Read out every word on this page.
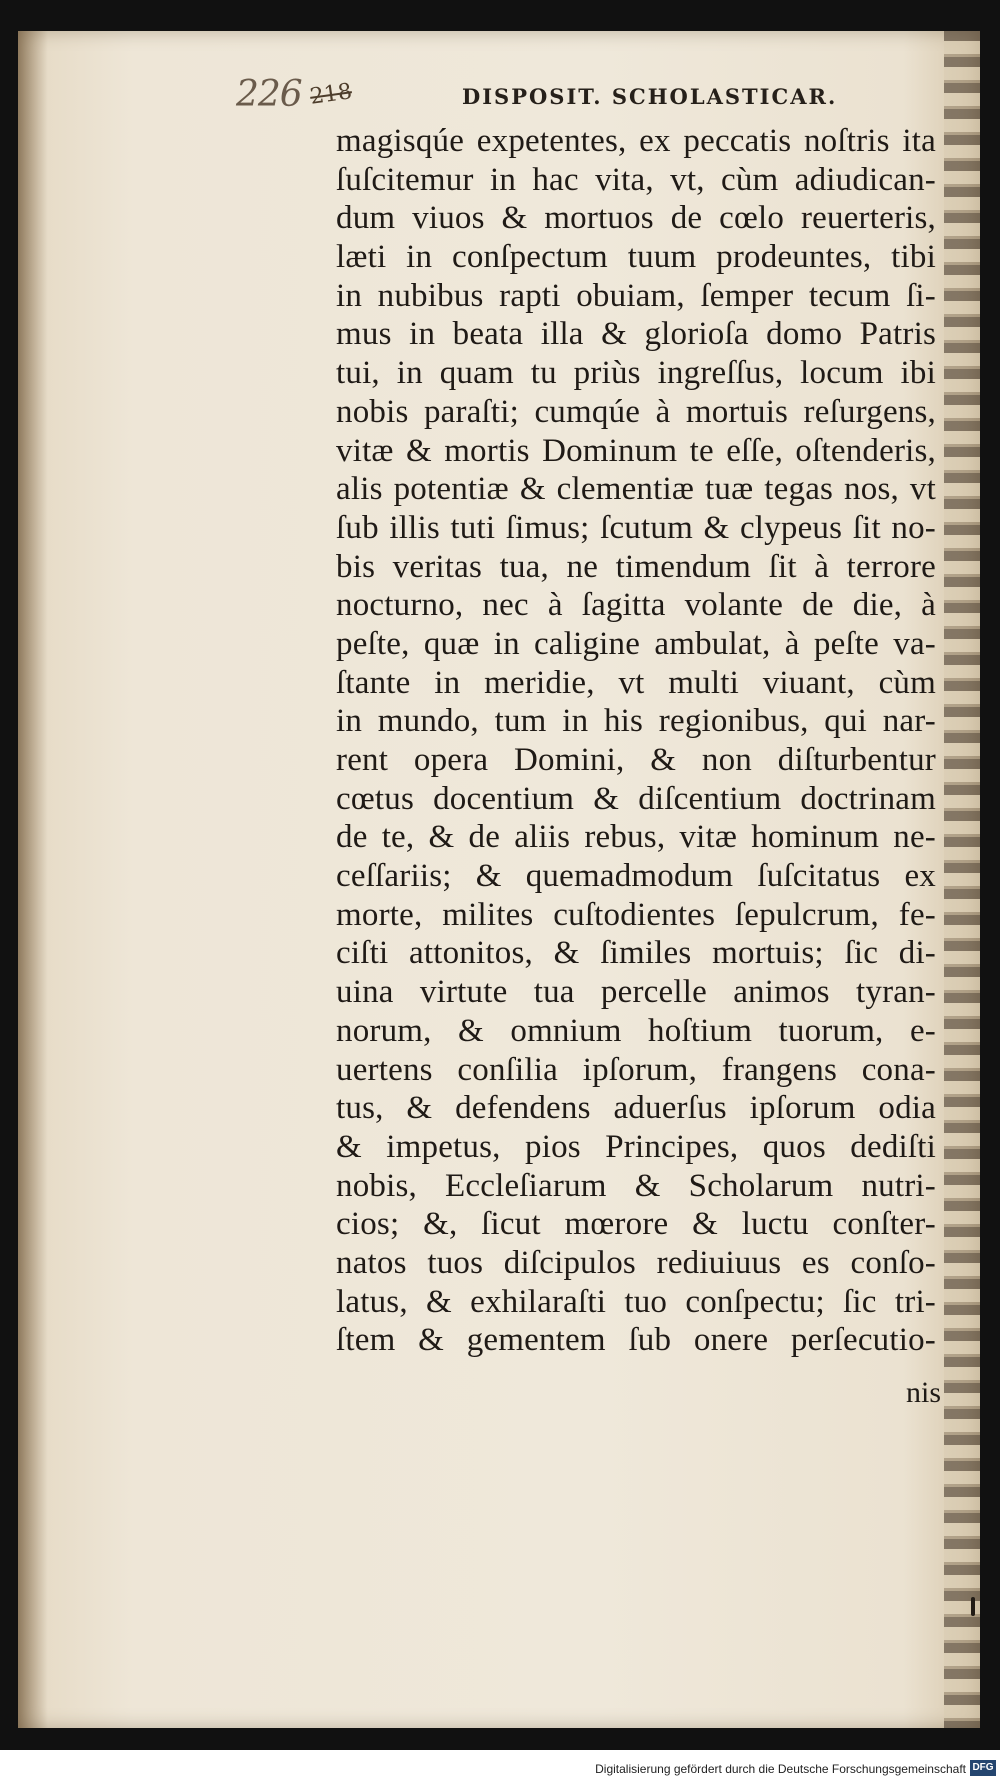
226 218	DISPOSIT. SCHOLASTICAR.
magisqúe expetentes, ex peccatis noſtris ita
ſuſcitemur in hac vita, vt, cùm adiudican-
dum viuos & mortuos de cœlo reuerteris,
læti in conſpectum tuum prodeuntes, tibi
in nubibus rapti obuiam, ſemper tecum ſi-
mus in beata illa & glorioſa domo Patris
tui, in quam tu priùs ingreſſus, locum ibi
nobis paraſti; cumqúe à mortuis reſurgens,
vitæ & mortis Dominum te eſſe, oſtenderis,
alis potentiæ & clementiæ tuæ tegas nos, vt
ſub illis tuti ſimus; ſcutum & clypeus ſit no-
bis veritas tua, ne timendum ſit à terrore
nocturno, nec à ſagitta volante de die, à
peſte, quæ in caligine ambulat, à peſte va-
ſtante in meridie, vt multi viuant, cùm
in mundo, tum in his regionibus, qui nar-
rent opera Domini, & non diſturbentur
cœtus docentium & diſcentium doctrinam
de te, & de aliis rebus, vitæ hominum ne-
ceſſariis; & quemadmodum ſuſcitatus ex
morte, milites cuſtodientes ſepulcrum, fe-
ciſti attonitos, & ſimiles mortuis; ſic di-
uina virtute tua percelle animos tyran-
norum, & omnium hoſtium tuorum, e-
uertens conſilia ipſorum, frangens cona-
tus, & defendens aduerſus ipſorum odia
& impetus, pios Principes, quos dediſti
nobis, Eccleſiarum & Scholarum nutri-
cios; &, ſicut mœrore & luctu conſter-
natos tuos diſcipulos rediuiuus es conſo-
latus, & exhilaraſti tuo conſpectu; ſic tri-
ſtem & gementem ſub onere perſecutio-
nis
Digitalisierung gefördert durch die Deutsche Forschungsgemeinschaft DFG
